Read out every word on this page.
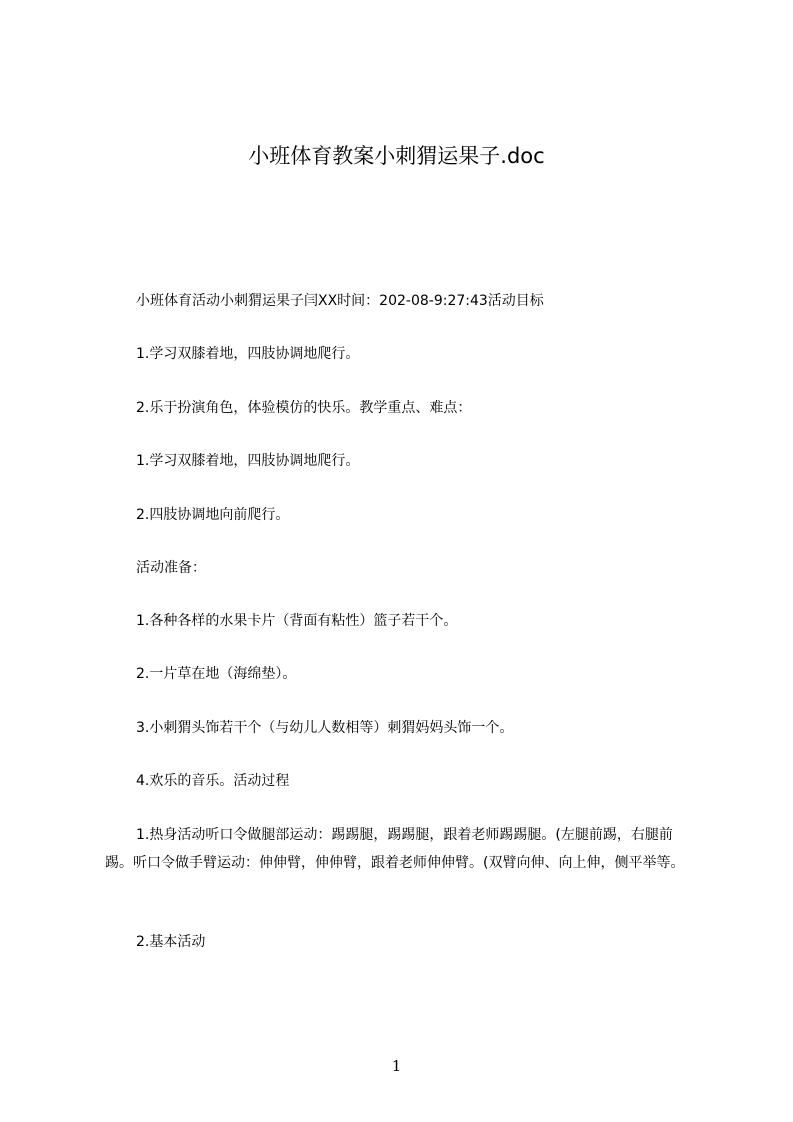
小班体育教案小刺猬运果子.doc
小班体育活动小刺猬运果子闫XX时间：202-08-9:27:43活动目标
1.学习双膝着地，四肢协调地爬行。
2.乐于扮演角色，体验模仿的快乐。教学重点、难点：
1.学习双膝着地，四肢协调地爬行。
2.四肢协调地向前爬行。
活动准备：
1.各种各样的水果卡片（背面有粘性）篮子若干个。
2.一片草在地（海绵垫）。
3.小刺猬头饰若干个（与幼儿人数相等）刺猬妈妈头饰一个。
4.欢乐的音乐。活动过程
1.热身活动听口令做腿部运动：踢踢腿，踢踢腿，跟着老师踢踢腿。(左腿前踢，右腿前踢。听口令做手臂运动：伸伸臂，伸伸臂，跟着老师伸伸臂。(双臂向伸、向上伸，侧平举等。
2.基本活动
1
